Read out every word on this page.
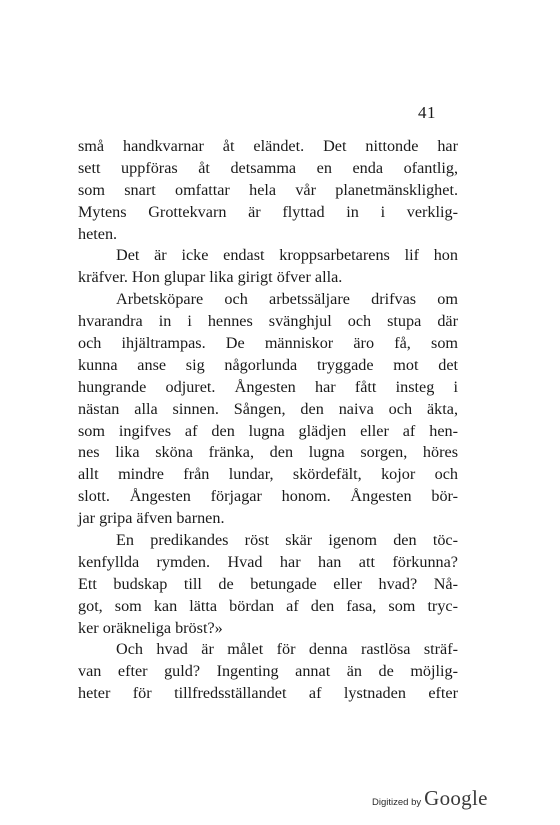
41
små handkvarnar åt eländet. Det nittonde har
sett uppföras åt detsamma en enda ofantlig,
som snart omfattar hela vår planetmänsklighet.
Mytens Grottekvarn är flyttad in i verklig-
heten.
Det är icke endast kroppsarbetarens lif hon
kräfver. Hon glupar lika girigt öfver alla.
Arbetsköpare och arbetssäljare drifvas om
hvarandra in i hennes svänghjul och stupa där
och ihjältrampas. De människor äro få, som
kunna anse sig någorlunda tryggade mot det
hungrande odjuret. Ångesten har fått insteg i
nästan alla sinnen. Sången, den naiva och äkta,
som ingifves af den lugna glädjen eller af hen-
nes lika sköna fränka, den lugna sorgen, höres
allt mindre från lundar, skördefält, kojor och
slott. Ångesten förjagar honom. Ångesten bör-
jar gripa äfven barnen.
En predikandes röst skär igenom den töc-
kenfyllda rymden. Hvad har han att förkunna?
Ett budskap till de betungade eller hvad? Nå-
got, som kan lätta bördan af den fasa, som tryc-
ker oräkneliga bröst?»
Och hvad är målet för denna rastlösa sträf-
van efter guld? Ingenting annat än de möjlig-
heter för tillfredsställandet af lystnaden efter
Digitized by Google
